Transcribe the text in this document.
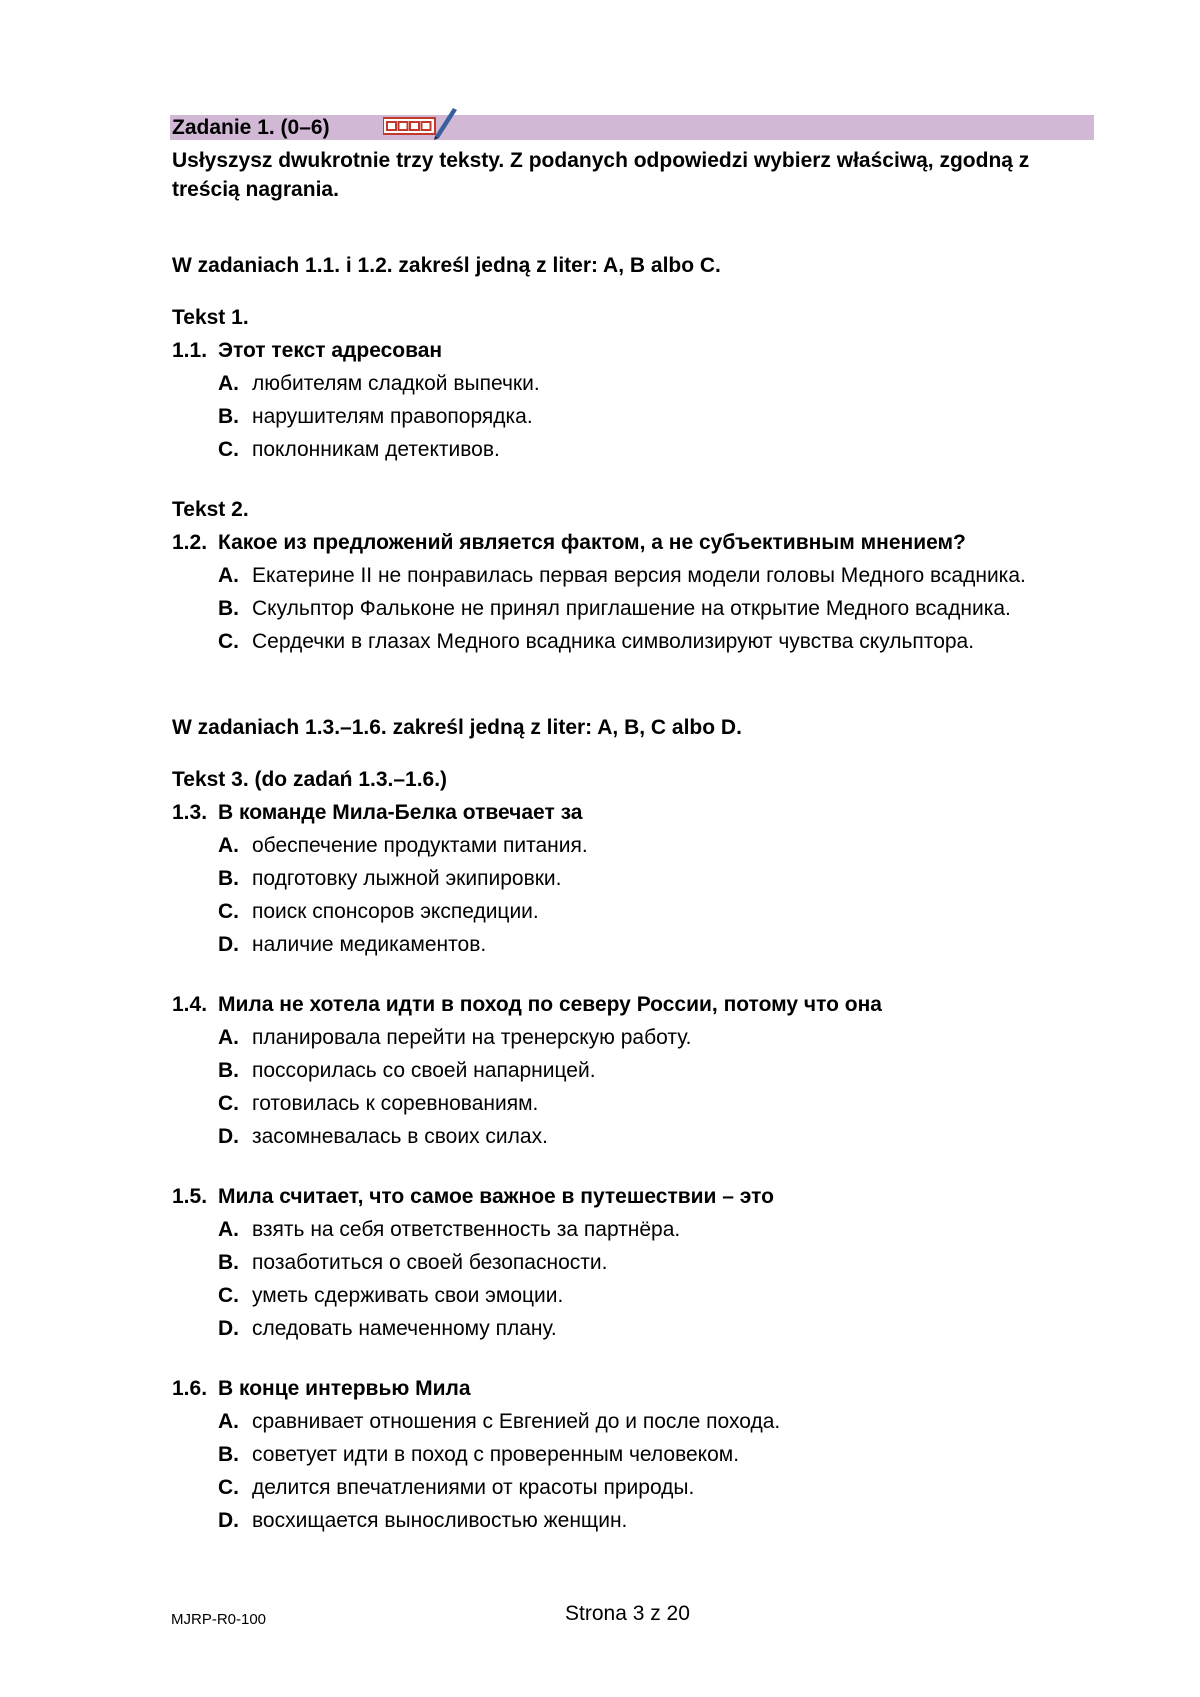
Zadanie 1. (0–6)
Usłyszysz dwukrotnie trzy teksty. Z podanych odpowiedzi wybierz właściwą, zgodną z treścią nagrania.
W zadaniach 1.1. i 1.2. zakreśl jedną z liter: A, B albo C.
Tekst 1.
1.1. Этот текст адресован
A. любителям сладкой выпечки.
B. нарушителям правопорядка.
C. поклонникам детективов.
Tekst 2.
1.2. Какое из предложений является фактом, а не субъективным мнением?
A. Екатерине II не понравилась первая версия модели головы Медного всадника.
B. Скульптор Фальконе не принял приглашение на открытие Медного всадника.
C. Сердечки в глазах Медного всадника символизируют чувства скульптора.
W zadaniach 1.3.–1.6. zakreśl jedną z liter: A, B, C albo D.
Tekst 3. (do zadań 1.3.–1.6.)
1.3. В команде Мила-Белка отвечает за
A. обеспечение продуктами питания.
B. подготовку лыжной экипировки.
C. поиск спонсоров экспедиции.
D. наличие медикаментов.
1.4. Мила не хотела идти в поход по северу России, потому что она
A. планировала перейти на тренерскую работу.
B. поссорилась со своей напарницей.
C. готовилась к соревнованиям.
D. засомневалась в своих силах.
1.5. Мила считает, что самое важное в путешествии – это
A. взять на себя ответственность за партнёра.
B. позаботиться о своей безопасности.
C. уметь сдерживать свои эмоции.
D. следовать намеченному плану.
1.6. В конце интервью Мила
A. сравнивает отношения с Евгенией до и после похода.
B. советует идти в поход с проверенным человеком.
C. делится впечатлениями от красоты природы.
D. восхищается выносливостью женщин.
MJRP-R0-100	Strona 3 z 20
